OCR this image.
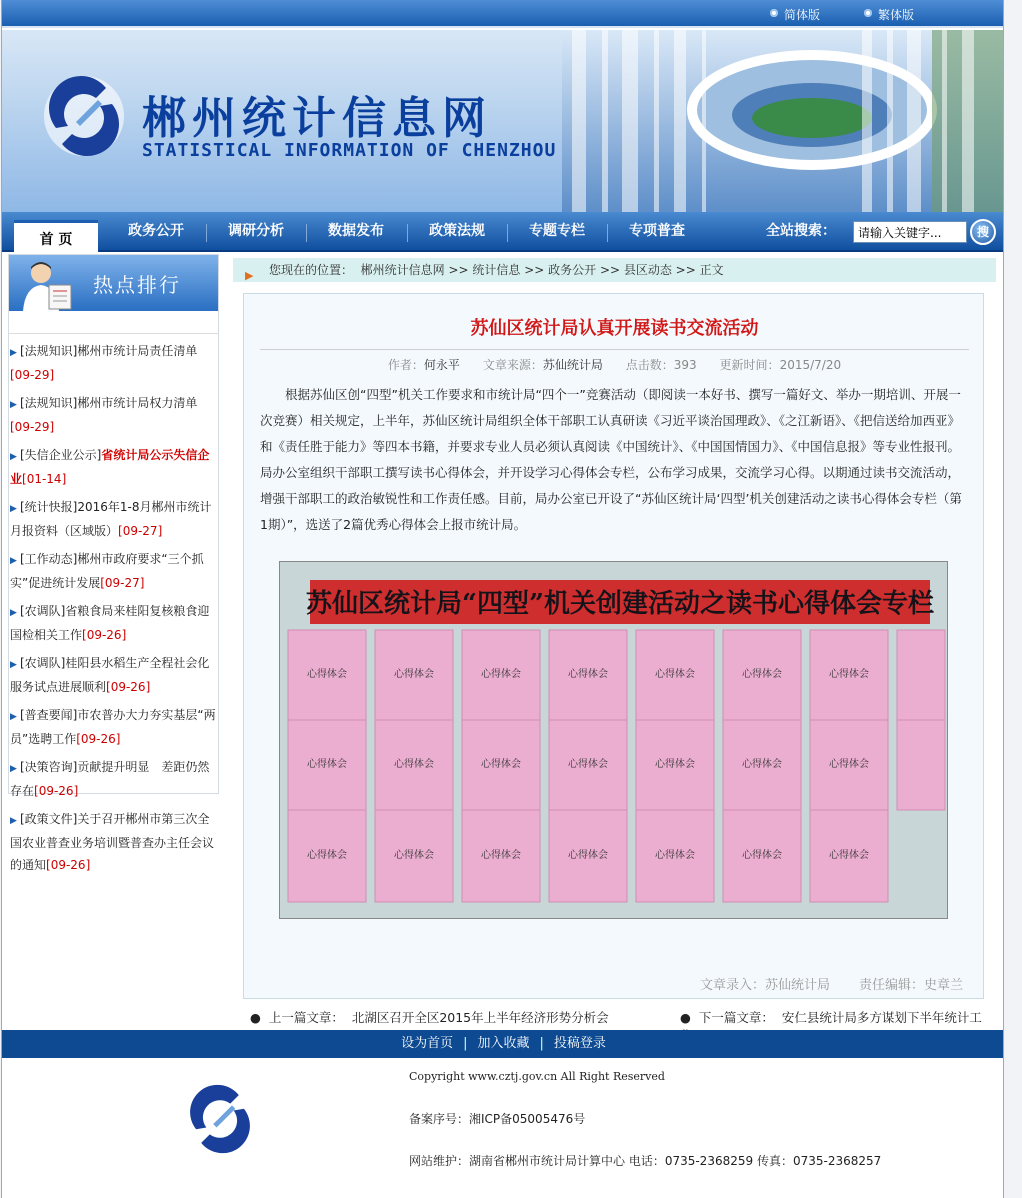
简体版	繁体版
郴州统计信息网
STATISTICAL INFORMATION OF CHENZHOU
首 页
政务公开	调研分析	数据发布	政策法规	专题专栏	专项普查	全站搜索：
请输入关键字...	搜
热点排行
▶ [法规知识]郴州市统计局责任清单
[09-29]
▶ [法规知识]郴州市统计局权力清单
[09-29]
▶ [失信企业公示]省统计局公示失信企业[01-14]
▶ [统计快报]2016年1-8月郴州市统计月报资料（区域版）[09-27]
▶ [工作动态]郴州市政府要求“三个抓实”促进统计发展[09-27]
▶ [农调队]省粮食局来桂阳复核粮食迎国检相关工作[09-26]
▶ [农调队]桂阳县水稻生产全程社会化服务试点进展顺利[09-26]
▶ [普查要闻]市农普办大力夯实基层“两员”选聘工作[09-26]
▶ [决策咨询]贡献提升明显　差距仍然存在[09-26]
▶ [政策文件]关于召开郴州市第三次全国农业普查业务培训暨普查办主任会议的通知[09-26]
▶ 您现在的位置： 郴州统计信息网 >> 统计信息 >> 政务公开 >> 县区动态 >> 正文
苏仙区统计局认真开展读书交流活动
作者：何永平 文章来源：苏仙统计局 点击数：393 更新时间：2015/7/20
根据苏仙区创“四型”机关工作要求和市统计局“四个一”竞赛活动（即阅读一本好书、撰写一篇好文、举办一期培训、开展一次竞赛）相关规定，上半年，苏仙区统计局组织全体干部职工认真研读《习近平谈治国理政》、《之江新语》、《把信送给加西亚》和《责任胜于能力》等四本书籍，并要求专业人员必须认真阅读《中国统计》、《中国国情国力》、《中国信息报》等专业性报刊。局办公室组织干部职工撰写读书心得体会，并开设学习心得体会专栏，公布学习成果，交流学习心得。以期通过读书交流活动，增强干部职工的政治敏锐性和工作责任感。目前，局办公室已开设了“苏仙区统计局‘四型’机关创建活动之读书心得体会专栏（第1期）”，选送了2篇优秀心得体会上报市统计局。
苏仙区统计局“四型”机关创建活动之读书心得体会专栏
心得体会	心得体会	心得体会	心得体会	心得体会	心得体会	心得体会
心得体会	心得体会	心得体会	心得体会	心得体会	心得体会	心得体会
心得体会	心得体会	心得体会	心得体会	心得体会	心得体会	心得体会
文章录入：苏仙统计局 责任编辑：史章兰
●  上一篇文章： 北湖区召开全区2015年上半年经济形势分析会	●  下一篇文章： 安仁县统计局多方谋划下半年统计工
设为首页 | 加入收藏 | 投稿登录
Copyright www.cztj.gov.cn All Right Reserved
备案序号：湘ICP备05005476号
网站维护：湖南省郴州市统计局计算中心 电话：0735-2368259 传真：0735-2368257
